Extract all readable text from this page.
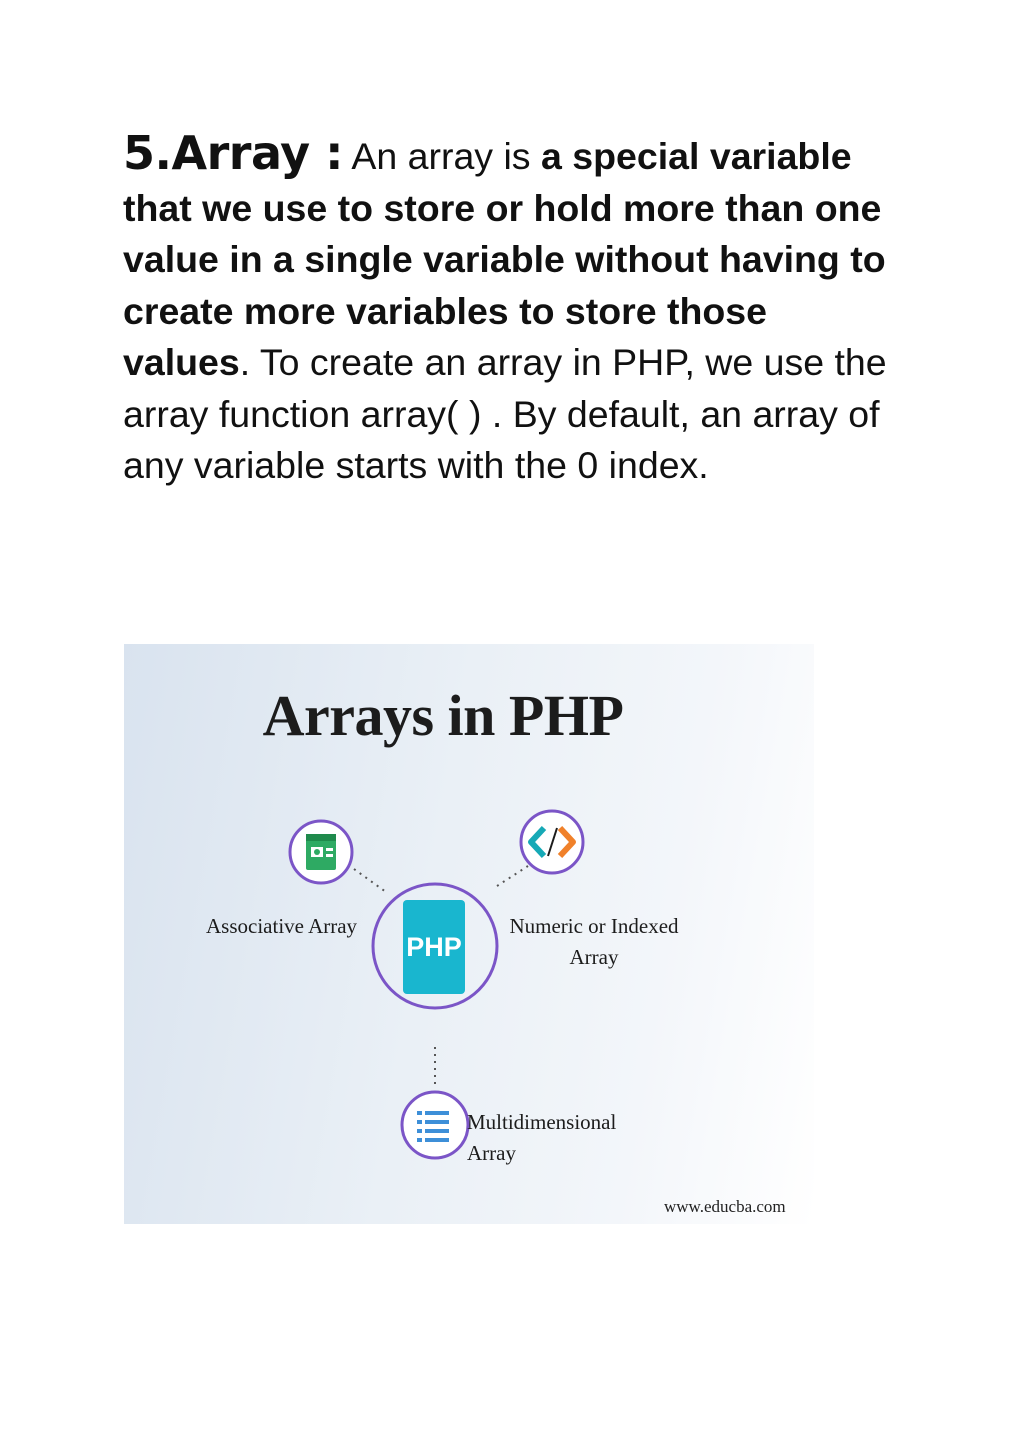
5.Array : An array is a special variable that we use to store or hold more than one value in a single variable without having to create more variables to store those values. To create an array in PHP, we use the array function array( ) . By default, an array of any variable starts with the 0 index.
Arrays in PHP
PHP
Associative Array	Numeric or Indexed
Array
Multidimensional
Array
www.educba.com
